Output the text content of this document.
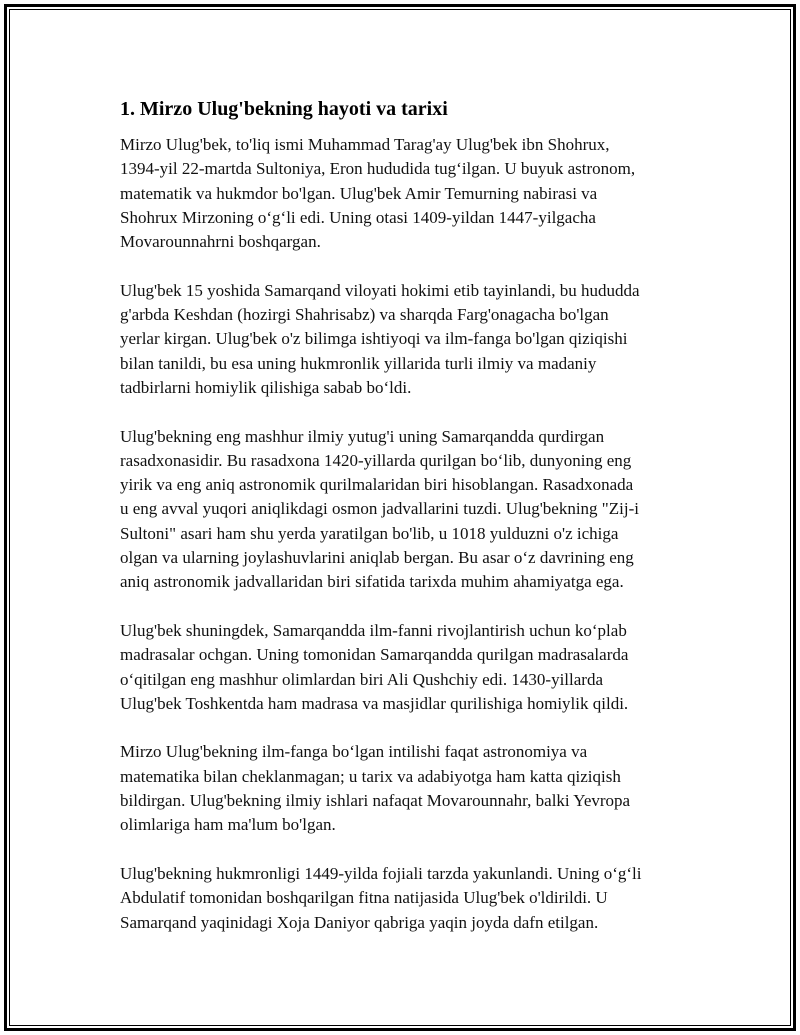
1. Mirzo Ulug'bekning hayoti va tarixi

Mirzo Ulug'bek, to'liq ismi Muhammad Tarag'ay Ulug'bek ibn Shohrux,
1394-yil 22-martda Sultoniya, Eron hududida tug‘ilgan. U buyuk astronom,
matematik va hukmdor bo'lgan. Ulug'bek Amir Temurning nabirasi va
Shohrux Mirzoning o‘g‘li edi. Uning otasi 1409-yildan 1447-yilgacha
Movarounnahrni boshqargan.

Ulug'bek 15 yoshida Samarqand viloyati hokimi etib tayinlandi, bu hududda
g'arbda Keshdan (hozirgi Shahrisabz) va sharqda Farg'onagacha bo'lgan
yerlar kirgan. Ulug'bek o'z bilimga ishtiyoqi va ilm-fanga bo'lgan qiziqishi
bilan tanildi, bu esa uning hukmronlik yillarida turli ilmiy va madaniy
tadbirlarni homiylik qilishiga sabab bo‘ldi.

Ulug'bekning eng mashhur ilmiy yutug'i uning Samarqandda qurdirgan
rasadxonasidir. Bu rasadxona 1420-yillarda qurilgan bo‘lib, dunyoning eng
yirik va eng aniq astronomik qurilmalaridan biri hisoblangan. Rasadxonada
u eng avval yuqori aniqlikdagi osmon jadvallarini tuzdi. Ulug'bekning "Zij-i
Sultoni" asari ham shu yerda yaratilgan bo'lib, u 1018 yulduzni o'z ichiga
olgan va ularning joylashuvlarini aniqlab bergan. Bu asar o‘z davrining eng
aniq astronomik jadvallaridan biri sifatida tarixda muhim ahamiyatga ega.

Ulug'bek shuningdek, Samarqandda ilm-fanni rivojlantirish uchun ko‘plab
madrasalar ochgan. Uning tomonidan Samarqandda qurilgan madrasalarda
o‘qitilgan eng mashhur olimlardan biri Ali Qushchiy edi. 1430-yillarda
Ulug'bek Toshkentda ham madrasa va masjidlar qurilishiga homiylik qildi.

Mirzo Ulug'bekning ilm-fanga bo‘lgan intilishi faqat astronomiya va
matematika bilan cheklanmagan; u tarix va adabiyotga ham katta qiziqish
bildirgan. Ulug'bekning ilmiy ishlari nafaqat Movarounnahr, balki Yevropa
olimlariga ham ma'lum bo'lgan.

Ulug'bekning hukmronligi 1449-yilda fojiali tarzda yakunlandi. Uning o‘g‘li
Abdulatif tomonidan boshqarilgan fitna natijasida Ulug'bek o'ldirildi. U
Samarqand yaqinidagi Xoja Daniyor qabriga yaqin joyda dafn etilgan.
